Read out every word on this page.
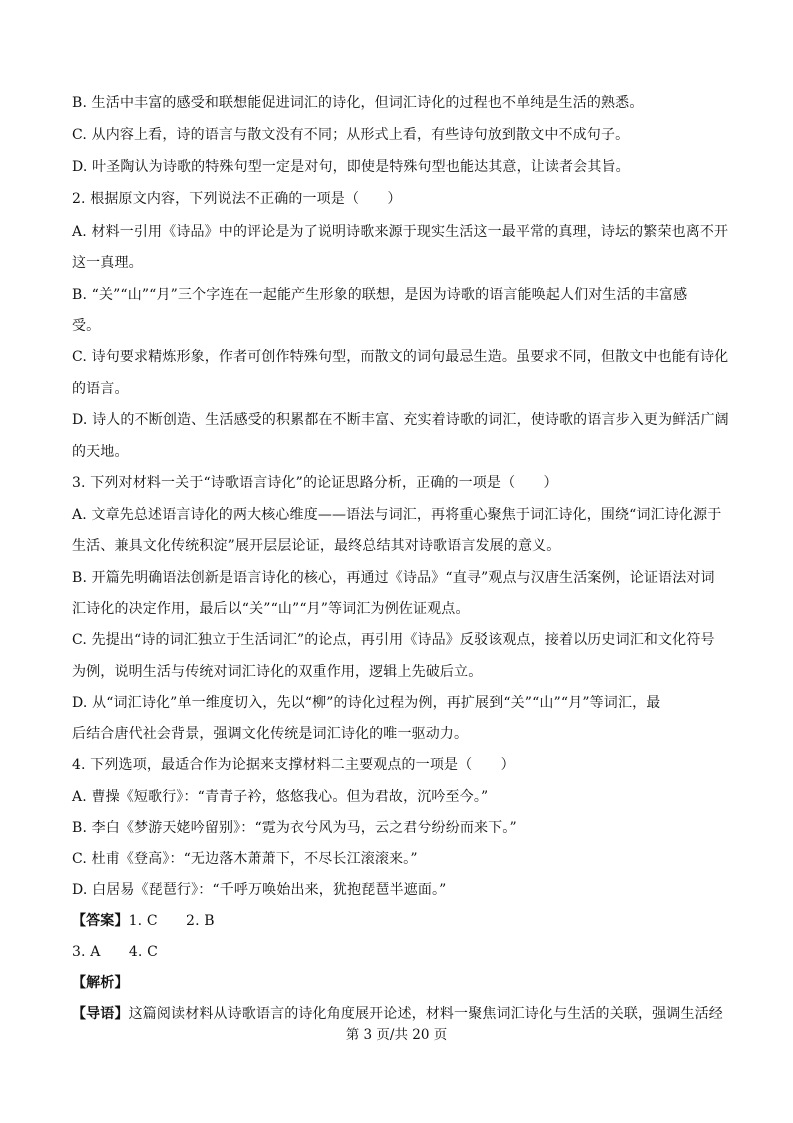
B. 生活中丰富的感受和联想能促进词汇的诗化，但词汇诗化的过程也不单纯是生活的熟悉。
C. 从内容上看，诗的语言与散文没有不同；从形式上看，有些诗句放到散文中不成句子。
D. 叶圣陶认为诗歌的特殊句型一定是对句，即使是特殊句型也能达其意，让读者会其旨。
2. 根据原文内容，下列说法不正确的一项是（　　）
A. 材料一引用《诗品》中的评论是为了说明诗歌来源于现实生活这一最平常的真理，诗坛的繁荣也离不开
这一真理。
B. “关”“山”“月”三个字连在一起能产生形象的联想，是因为诗歌的语言能唤起人们对生活的丰富感
受。
C. 诗句要求精炼形象，作者可创作特殊句型，而散文的词句最忌生造。虽要求不同，但散文中也能有诗化
的语言。
D. 诗人的不断创造、生活感受的积累都在不断丰富、充实着诗歌的词汇，使诗歌的语言步入更为鲜活广阔
的天地。
3. 下列对材料一关于“诗歌语言诗化”的论证思路分析，正确的一项是（　　）
A. 文章先总述语言诗化的两大核心维度——语法与词汇，再将重心聚焦于词汇诗化，围绕“词汇诗化源于
生活、兼具文化传统积淀”展开层层论证，最终总结其对诗歌语言发展的意义。
B. 开篇先明确语法创新是语言诗化的核心，再通过《诗品》“直寻”观点与汉唐生活案例，论证语法对词
汇诗化的决定作用，最后以“关”“山”“月”等词汇为例佐证观点。
C. 先提出“诗的词汇独立于生活词汇”的论点，再引用《诗品》反驳该观点，接着以历史词汇和文化符号
为例，说明生活与传统对词汇诗化的双重作用，逻辑上先破后立。
D. 从“词汇诗化”单一维度切入，先以“柳”的诗化过程为例，再扩展到“关”“山”“月”等词汇，最
后结合唐代社会背景，强调文化传统是词汇诗化的唯一驱动力。
4. 下列选项，最适合作为论据来支撑材料二主要观点的一项是（　　）
A. 曹操《短歌行》：“青青子衿，悠悠我心。但为君故，沉吟至今。”
B. 李白《梦游天姥吟留别》：“霓为衣兮风为马，云之君兮纷纷而来下。”
C. 杜甫《登高》：“无边落木萧萧下，不尽长江滚滚来。”
D. 白居易《琵琶行》：“千呼万唤始出来，犹抱琵琶半遮面。”
【答案】1. C　　2. B
3. A　　4. C
【解析】
【导语】这篇阅读材料从诗歌语言的诗化角度展开论述，材料一聚焦词汇诗化与生活的关联，强调生活经
第 3 页/共 20 页
